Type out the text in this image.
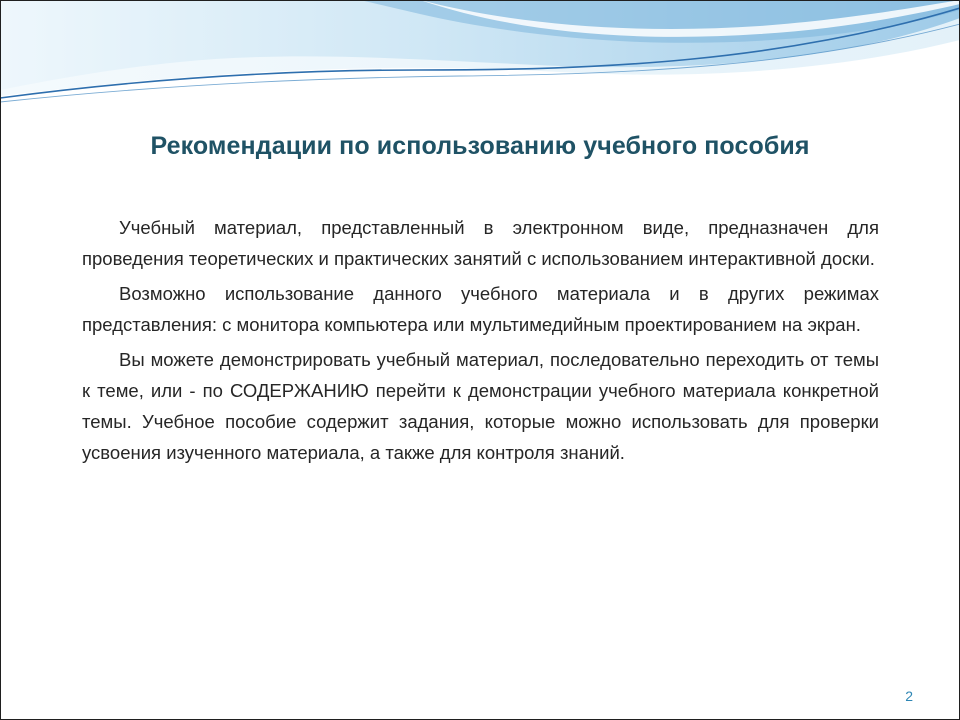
Рекомендации по использованию учебного пособия

Учебный материал, представленный в электронном виде, предназначен для проведения теоретических и практических занятий с использованием интерактивной доски.

Возможно использование данного учебного материала и в других режимах представления: с монитора компьютера или мультимедийным проектированием на экран.

Вы можете демонстрировать учебный материал, последовательно переходить от темы к теме, или - по СОДЕРЖАНИЮ перейти к демонстрации учебного материала конкретной темы. Учебное пособие содержит задания, которые можно использовать для проверки усвоения изученного материала, а также для контроля знаний.

2
